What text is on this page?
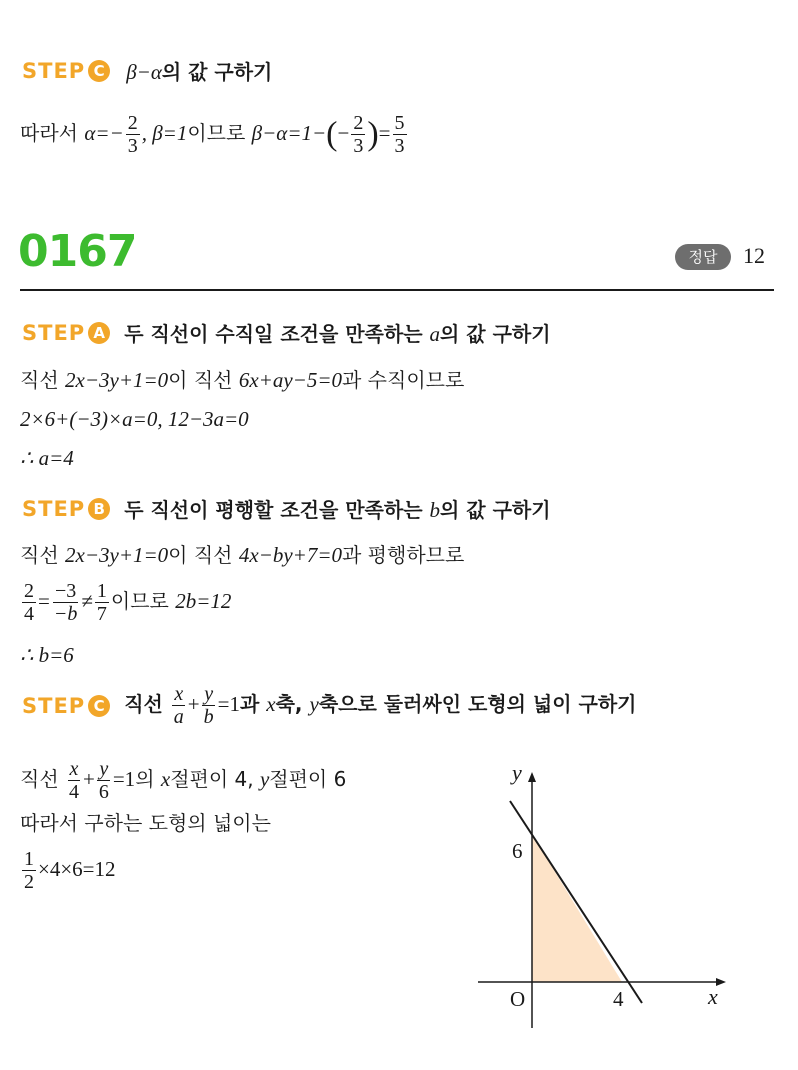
STEP C β−α의 값 구하기
따라서 $\alpha=- \frac{2}{3}$ , β=1이므로 $\beta-\alpha=1-(- \frac{2}{3}$ )= $\frac{5}{3}$
0167	정답	12
STEP A 두 직선이 수직일 조건을 만족하는 a의 값 구하기
직선 2x−3y+1=0이 직선 6x+ay−5=0과 수직이므로
2×6+(−3)×a=0, 12−3a=0
∴ a=4
STEP B 두 직선이 평행할 조건을 만족하는 b의 값 구하기
직선 2x−3y+1=0이 직선 4x−by+7=0과 평행하므로
$\frac{2}{4} = \frac{-3}{-b} \ne \frac{1}{7}$ 이므로 2b=12
∴ b=6
STEP C 직선 $\frac{x}{a} + \frac{y}{b} =1$과 x축, y축으로 둘러싸인 도형의 넓이 구하기
직선 $\frac{x}{4} + \frac{y}{6} =1$의 x절편이 4, y절편이 6
따라서 구하는 도형의 넓이는
$\frac{1}{2} \times 4\times 6=12$
y
x
O
6
4
